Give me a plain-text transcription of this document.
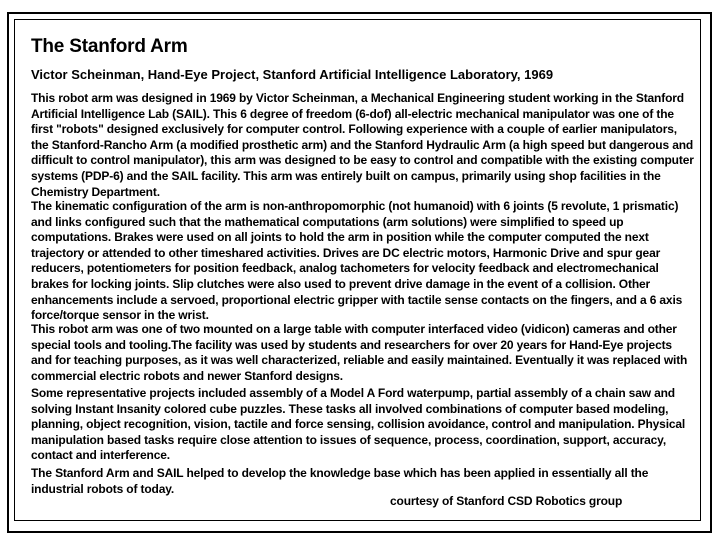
The Stanford Arm
Victor Scheinman, Hand-Eye Project, Stanford Artificial Intelligence Laboratory, 1969
This robot arm was designed in 1969 by Victor Scheinman, a Mechanical Engineering student working in the Stanford Artificial Intelligence Lab (SAIL). This 6 degree of freedom (6-dof) all-electric mechanical manipulator was one of the first "robots" designed exclusively for computer control. Following experience with a couple of earlier manipulators, the Stanford-Rancho Arm (a modified prosthetic arm) and the Stanford Hydraulic Arm (a high speed but dangerous and difficult to control manipulator), this arm was designed to be easy to control and compatible with the existing computer systems (PDP-6) and the SAIL facility. This arm was entirely built on campus, primarily using shop facilities in the Chemistry Department.
The kinematic configuration of the arm is non-anthropomorphic (not humanoid) with 6 joints (5 revolute, 1 prismatic) and links configured such that the mathematical computations (arm solutions) were simplified to speed up computations. Brakes were used on all joints to hold the arm in position while the computer computed the next trajectory or attended to other timeshared activities. Drives are DC electric motors, Harmonic Drive and spur gear reducers, potentiometers for position feedback, analog tachometers for velocity feedback and electromechanical brakes for locking joints. Slip clutches were also used to prevent drive damage in the event of a collision. Other enhancements include a servoed, proportional electric gripper with tactile sense contacts on the fingers, and a 6 axis force/torque sensor in the wrist.
This robot arm was one of two mounted on a large table with computer interfaced video (vidicon) cameras and other special tools and tooling.The facility was used by students and researchers for over 20 years for Hand-Eye projects and for teaching purposes, as it was well characterized, reliable and easily maintained. Eventually it was replaced with commercial electric robots and newer Stanford designs.
Some representative projects included assembly of a Model A Ford waterpump, partial assembly of a chain saw and solving Instant Insanity colored cube puzzles. These tasks all involved combinations of computer based modeling, planning, object recognition, vision, tactile and force sensing, collision avoidance, control and manipulation. Physical manipulation based tasks require close attention to issues of sequence, process, coordination, support, accuracy, contact and interference.
The Stanford Arm and SAIL helped to develop the knowledge base which has been applied in essentially all the industrial robots of today.
courtesy of Stanford CSD Robotics group
